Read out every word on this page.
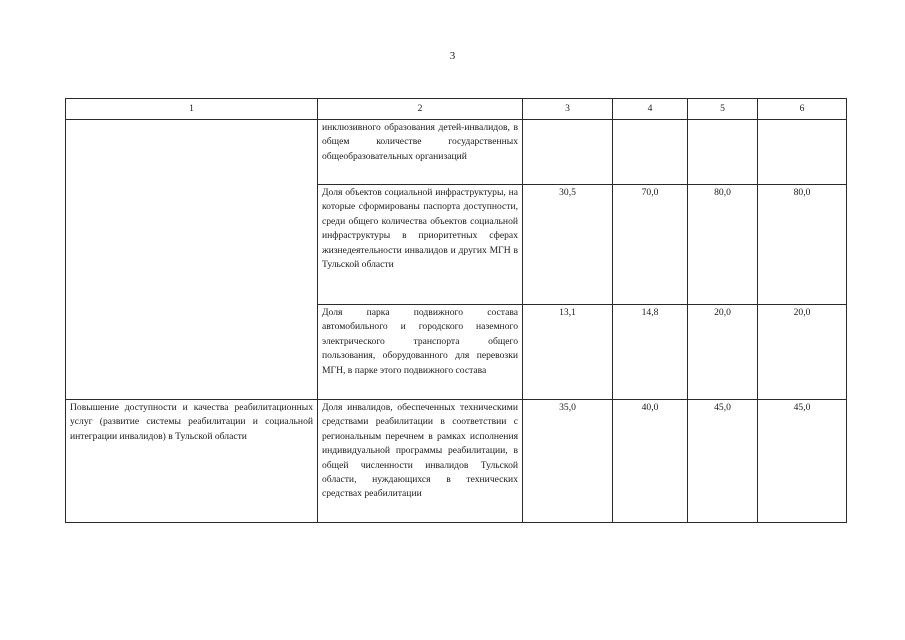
3
1	2	3	4	5	6
	инклюзивного образования детей-инвалидов, в общем количестве государственных общеобразовательных организаций				
	Доля объектов социальной инфраструктуры, на которые сформированы паспорта доступности, среди общего количества объектов социальной инфраструктуры в приоритетных сферах жизнедеятельности инвалидов и других МГН в Тульской области	30,5	70,0	80,0	80,0
	Доля парка подвижного состава автомобильного и городского наземного электрического транспорта общего пользования, оборудованного для перевозки МГН, в парке этого подвижного состава	13,1	14,8	20,0	20,0
Повышение доступности и качества реабилитационных услуг (развитие системы реабилитации и социальной интеграции инвалидов) в Тульской области	Доля инвалидов, обеспеченных техническими средствами реабилитации в соответствии с региональным перечнем в рамках исполнения индивидуальной программы реабилитации, в общей численности инвалидов Тульской области, нуждающихся в технических средствах реабилитации	35,0	40,0	45,0	45,0
